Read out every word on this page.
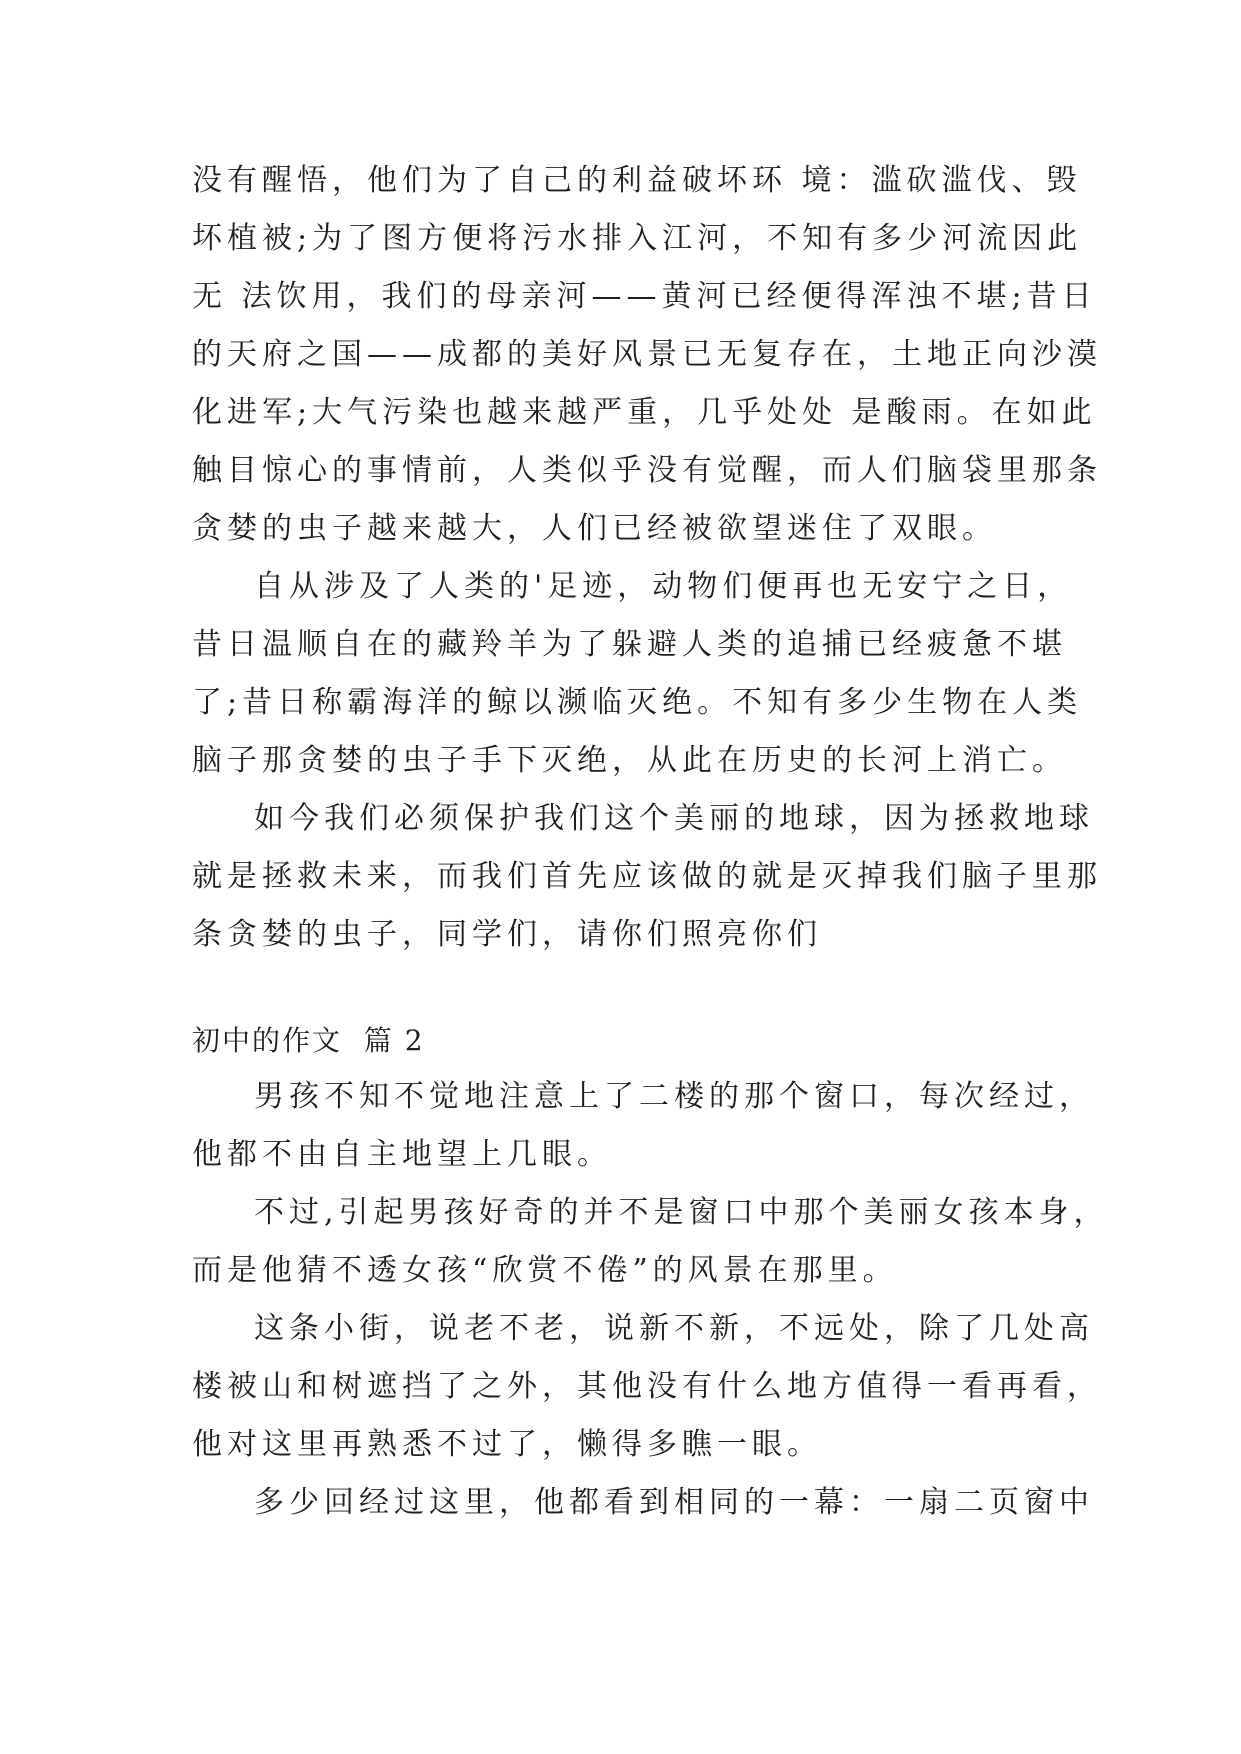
没有醒悟，他们为了自己的利益破坏环 境：滥砍滥伐、毁
坏植被;为了图方便将污水排入江河，不知有多少河流因此
无 法饮用，我们的母亲河——黄河已经便得浑浊不堪;昔日
的天府之国——成都的美好风景已无复存在，土地正向沙漠
化进军;大气污染也越来越严重，几乎处处 是酸雨。在如此
触目惊心的事情前，人类似乎没有觉醒，而人们脑袋里那条
贪婪的虫子越来越大，人们已经被欲望迷住了双眼。
自从涉及了人类的'足迹，动物们便再也无安宁之日，
昔日温顺自在的藏羚羊为了躲避人类的追捕已经疲惫不堪
了;昔日称霸海洋的鲸以濒临灭绝。不知有多少生物在人类
脑子那贪婪的虫子手下灭绝，从此在历史的长河上消亡。
如今我们必须保护我们这个美丽的地球，因为拯救地球
就是拯救未来，而我们首先应该做的就是灭掉我们脑子里那
条贪婪的虫子，同学们，请你们照亮你们
初中的作文  篇 2
男孩不知不觉地注意上了二楼的那个窗口，每次经过，
他都不由自主地望上几眼。
不过,引起男孩好奇的并不是窗口中那个美丽女孩本身，
而是他猜不透女孩“欣赏不倦”的风景在那里。
这条小街，说老不老，说新不新，不远处，除了几处高
楼被山和树遮挡了之外，其他没有什么地方值得一看再看，
他对这里再熟悉不过了，懒得多瞧一眼。
多少回经过这里，他都看到相同的一幕：一扇二页窗中
